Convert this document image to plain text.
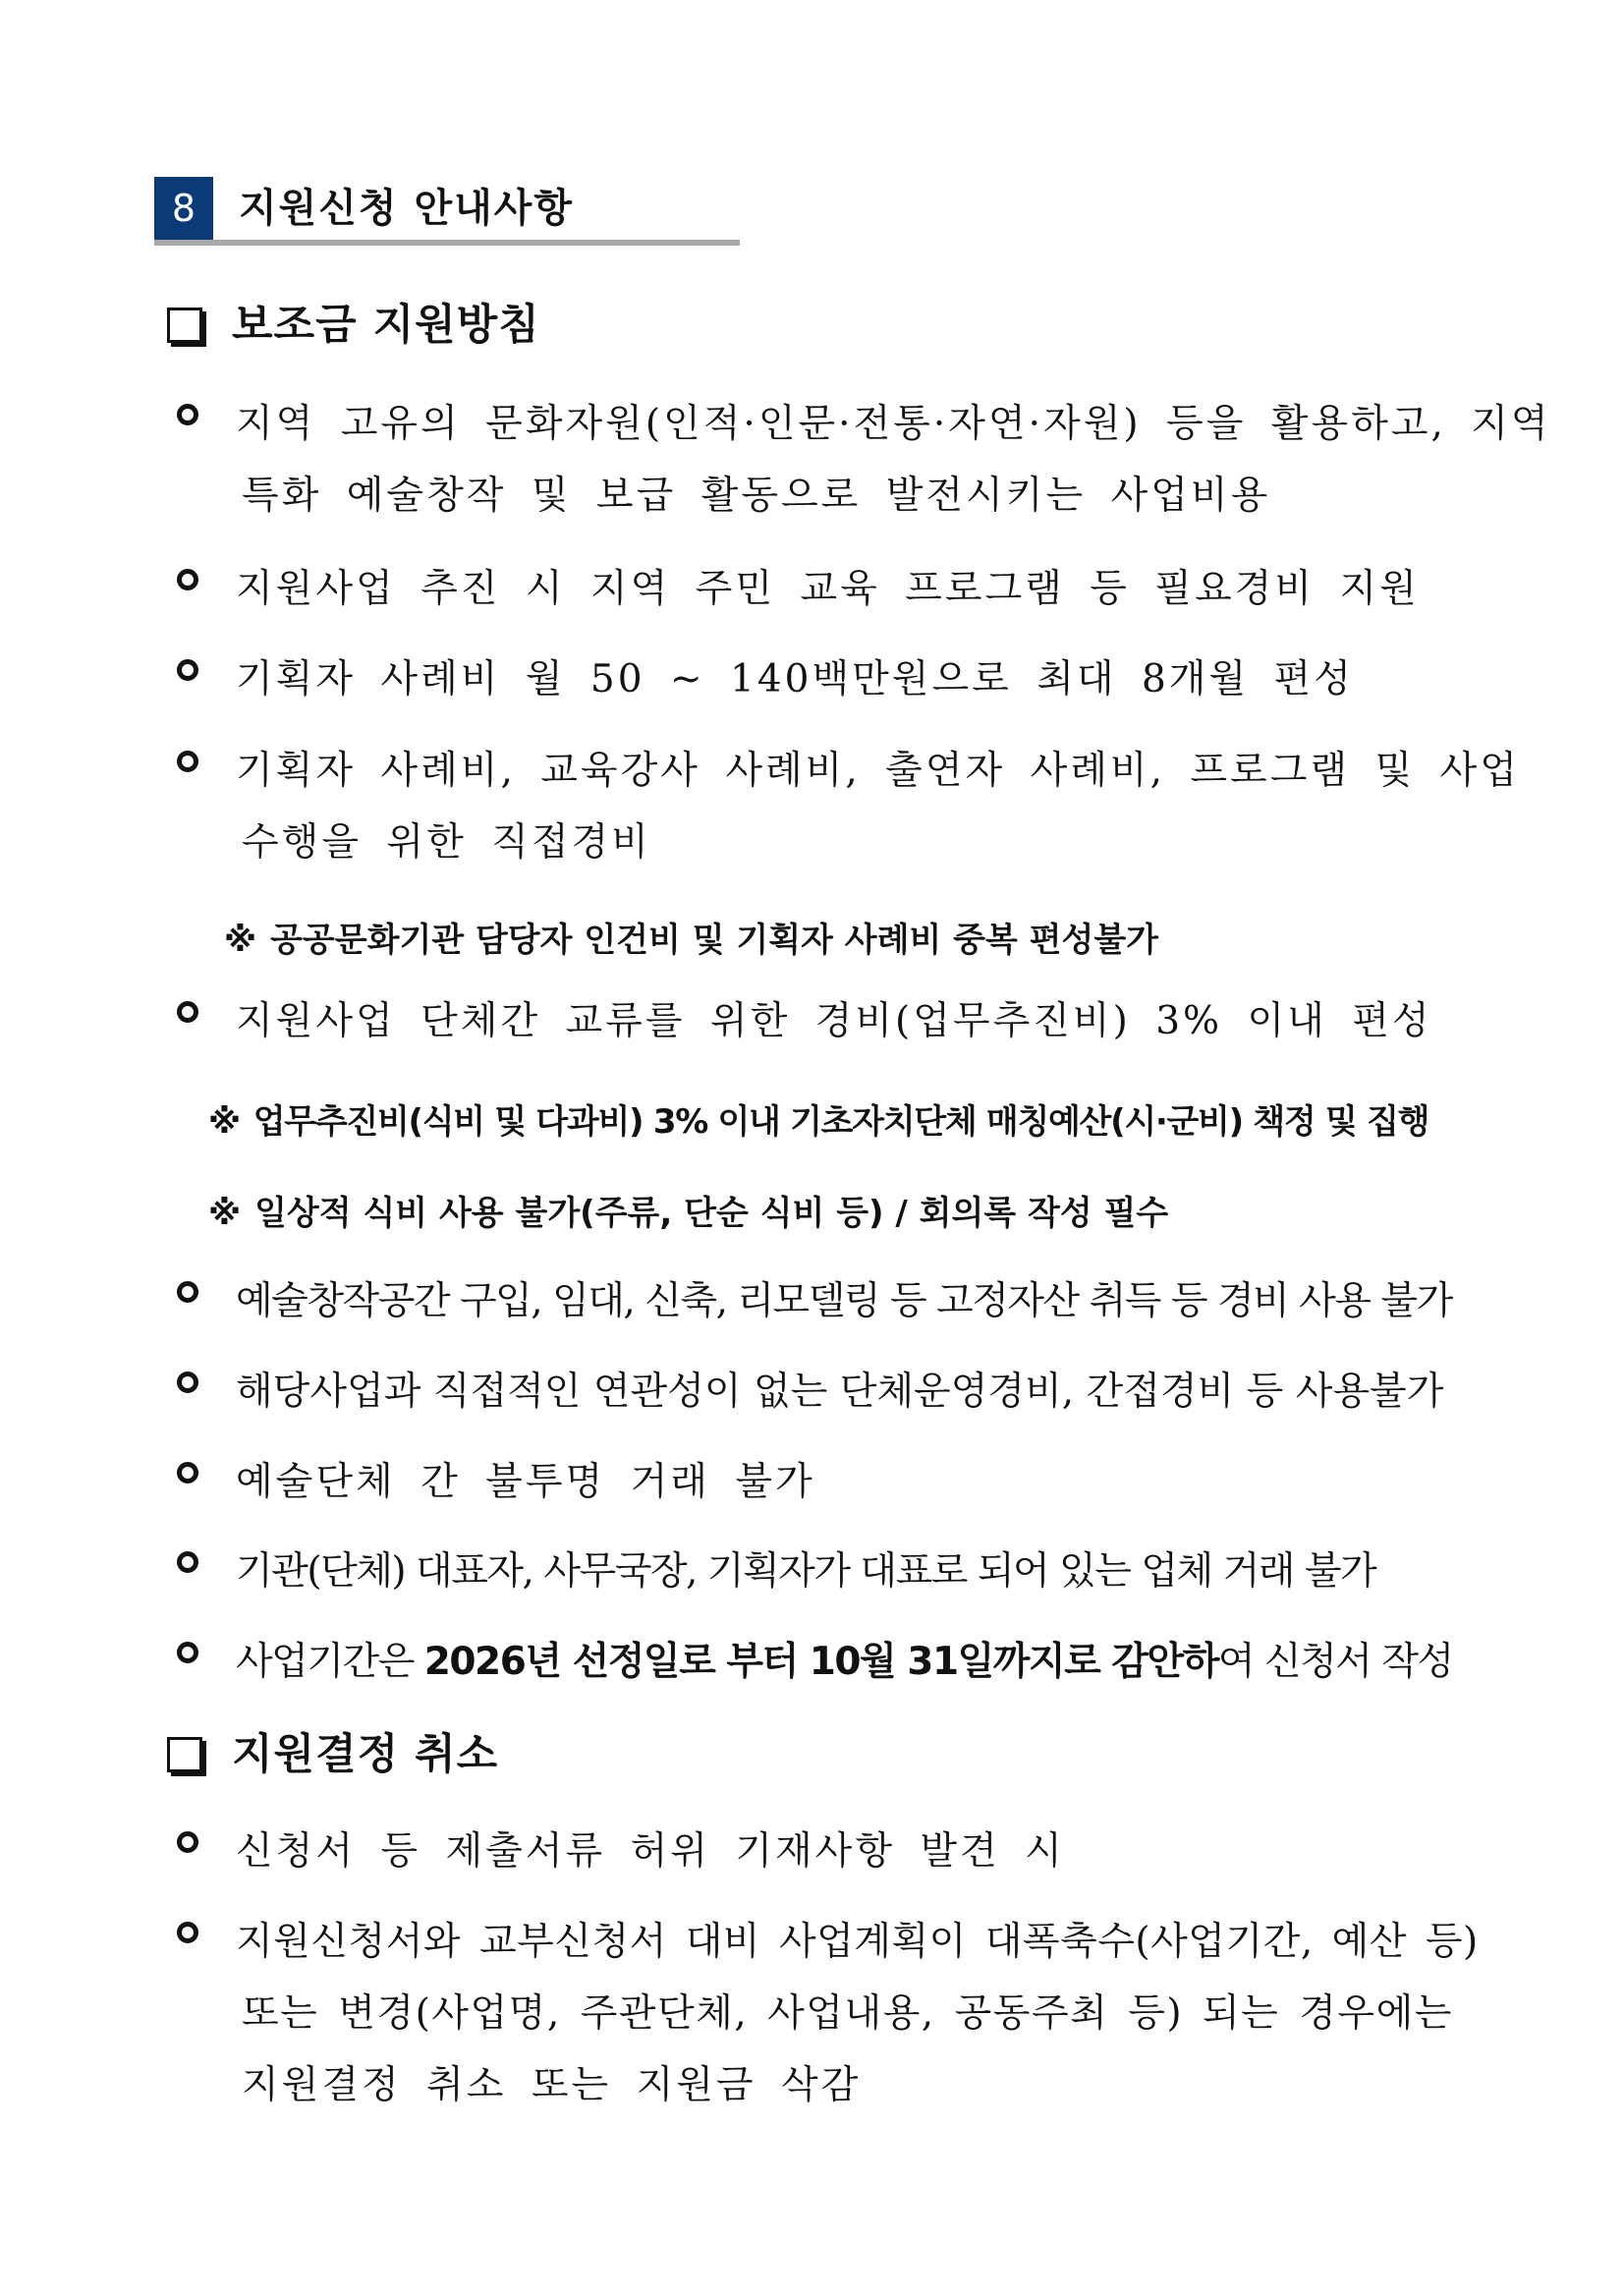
8	지원신청 안내사항
보조금 지원방침
지역 고유의 문화자원(인적·인문·전통·자연·자원) 등을 활용하고, 지역
특화 예술창작 및 보급 활동으로 발전시키는 사업비용
지원사업 추진 시 지역 주민 교육 프로그램 등 필요경비 지원
기획자 사례비 월 50 ~ 140백만원으로 최대 8개월 편성
기획자 사례비, 교육강사 사례비, 출연자 사례비, 프로그램 및 사업
수행을 위한 직접경비
※ 공공문화기관 담당자 인건비 및 기획자 사례비 중복 편성불가
지원사업 단체간 교류를 위한 경비(업무추진비) 3% 이내 편성
※ 업무추진비(식비 및 다과비) 3% 이내 기초자치단체 매칭예산(시·군비) 책정 및 집행
※ 일상적 식비 사용 불가(주류, 단순 식비 등) / 회의록 작성 필수
예술창작공간 구입, 임대, 신축, 리모델링 등 고정자산 취득 등 경비 사용 불가
해당사업과 직접적인 연관성이 없는 단체운영경비, 간접경비 등 사용불가
예술단체 간 불투명 거래 불가
기관(단체) 대표자, 사무국장, 기획자가 대표로 되어 있는 업체 거래 불가
사업기간은 2026년 선정일로 부터 10월 31일까지로 감안하여 신청서 작성
지원결정 취소
신청서 등 제출서류 허위 기재사항 발견 시
지원신청서와 교부신청서 대비 사업계획이 대폭축수(사업기간, 예산 등)
또는 변경(사업명, 주관단체, 사업내용, 공동주최 등) 되는 경우에는
지원결정 취소 또는 지원금 삭감
